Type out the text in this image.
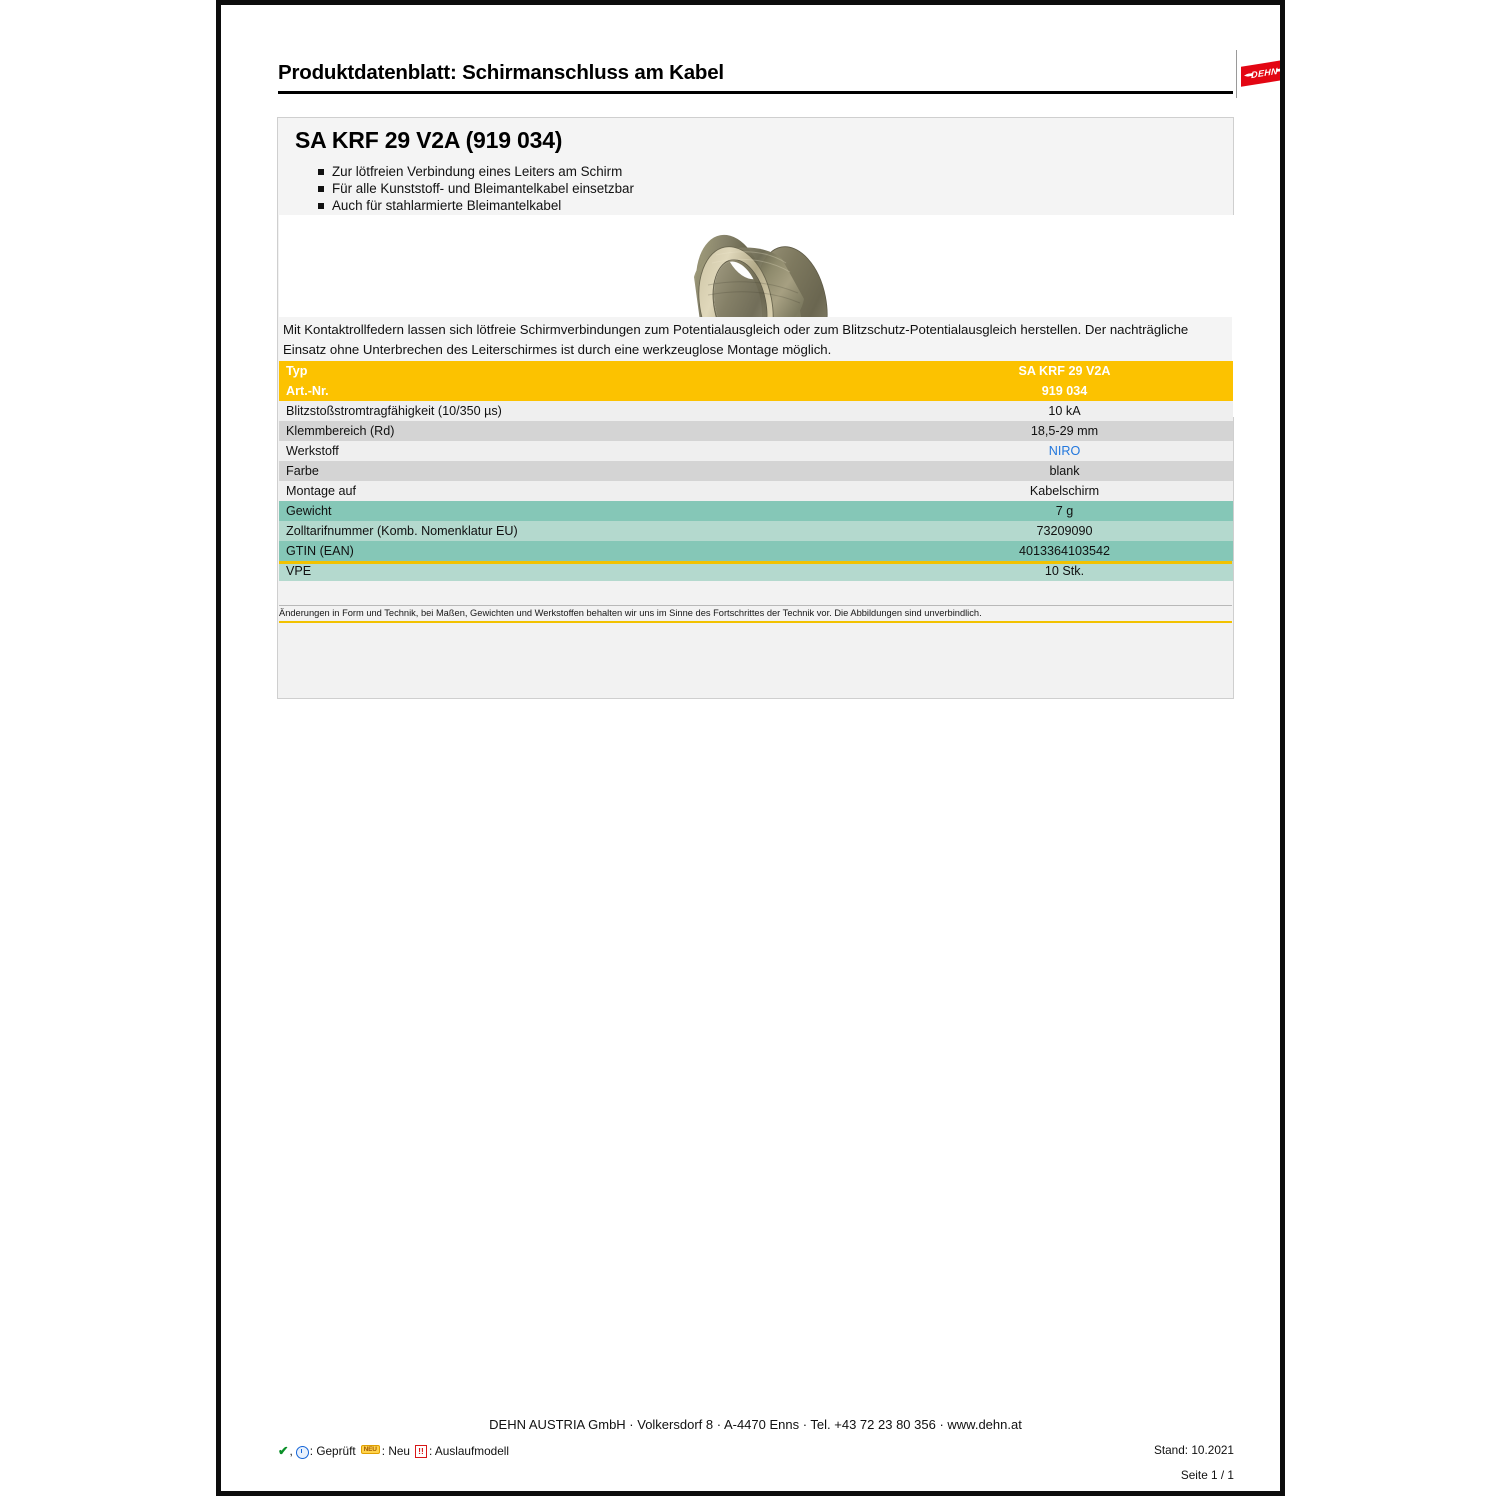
Produktdatenblatt: Schirmanschluss am Kabel	DEHN
SA KRF 29 V2A (919 034)
Zur lötfreien Verbindung eines Leiters am Schirm
Für alle Kunststoff- und Bleimantelkabel einsetzbar
Auch für stahlarmierte Bleimantelkabel
Mit Kontaktrollfedern lassen sich lötfreie Schirmverbindungen zum Potentialausgleich oder zum Blitzschutz-Potentialausgleich herstellen. Der nachträgliche Einsatz ohne Unterbrechen des Leiterschirmes ist durch eine werkzeuglose Montage möglich.
Typ	SA KRF 29 V2A
Art.-Nr.	919 034
Blitzstoßstromtragfähigkeit (10/350 µs)	10 kA
Klemmbereich (Rd)	18,5-29 mm
Werkstoff	NIRO
Farbe	blank
Montage auf	Kabelschirm
Gewicht	7 g
Zolltarifnummer (Komb. Nomenklatur EU)	73209090
GTIN (EAN)	4013364103542
VPE	10 Stk.
Änderungen in Form und Technik, bei Maßen, Gewichten und Werkstoffen behalten wir uns im Sinne des Fortschrittes der Technik vor. Die Abbildungen sind unverbindlich.
DEHN AUSTRIA GmbH · Volkersdorf 8 · A-4470 Enns · Tel. +43 72 23 80 356 · www.dehn.at
✔ , : Geprüft	NEU : Neu !! : Auslaufmodell	Stand: 10.2021
Seite 1 / 1
